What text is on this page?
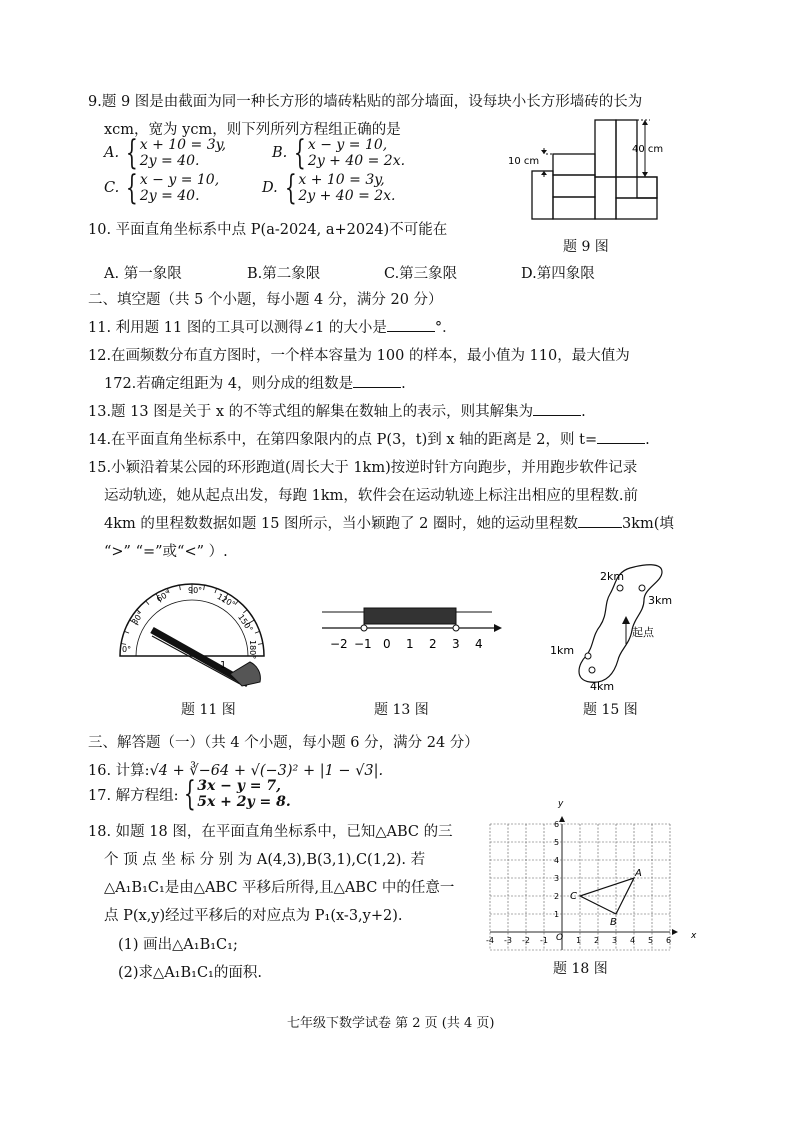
9.题 9 图是由截面为同一种长方形的墙砖粘贴的部分墙面，设每块小长方形墙砖的长为
xcm，宽为 ycm，则下列所列方程组正确的是
A. { x + 10 = 3y,
2y = 40.	B. { x − y = 10,
2y + 40 = 2x.
C. { x − y = 10,
2y = 40.	D. { x + 10 = 3y,
2y + 40 = 2x.
10 cm
40 cm
题 9 图
10. 平面直角坐标系中点 P(a-2024, a+2024)不可能在
A. 第一象限	B.第二象限	C.第三象限	D.第四象限
二、填空题（共 5 个小题，每小题 4 分，满分 20 分）
11. 利用题 11 图的工具可以测得∠1 的大小是	°．
12.在画频数分布直方图时，一个样本容量为 100 的样本，最小值为 110，最大值为
172.若确定组距为 4，则分成的组数是	.
13.题 13 图是关于 x 的不等式组的解集在数轴上的表示，则其解集为	.
14.在平面直角坐标系中，在第四象限内的点 P(3，t)到 x 轴的距离是 2，则 t=	.
15.小颖沿着某公园的环形跑道(周长大于 1km)按逆时针方向跑步，并用跑步软件记录
运动轨迹，她从起点出发，每跑 1km，软件会在运动轨迹上标注出相应的里程数.前
4km 的里程数数据如题 15 图所示，当小颖跑了 2 圈时，她的运动里程数	3km(填
“>” “=”或“<” ）.
0°
30°
60° 90°
120°
150°
180°
1
题 11 图
−2 −1 0 1 2 3 4
题 13 图
2km
3km
1km
4km
起点
题 15 图
三、解答题（一）（共 4 个小题，每小题 6 分，满分 24 分）
16. 计算:√4 + ∛−64 + √(−3)² + |1 − √3|.
17. 解方程组: { 3x − y = 7,
5x + 2y = 8.
18. 如题 18 图，在平面直角坐标系中，已知△ABC 的三
个 顶 点 坐 标 分 别 为 A(4,3),B(3,1),C(1,2). 若
△A₁B₁C₁是由△ABC 平移后所得,且△ABC 中的任意一
点 P(x,y)经过平移后的对应点为 P₁(x-3,y+2).
(1) 画出△A₁B₁C₁;
(2)求△A₁B₁C₁的面积.
O	x
y
-4 -3 -2 -1	1 2 3 4 5 6
1
2
3
4
5
6
A
B
C
题 18 图
七年级下数学试卷 第 2 页 (共 4 页)
